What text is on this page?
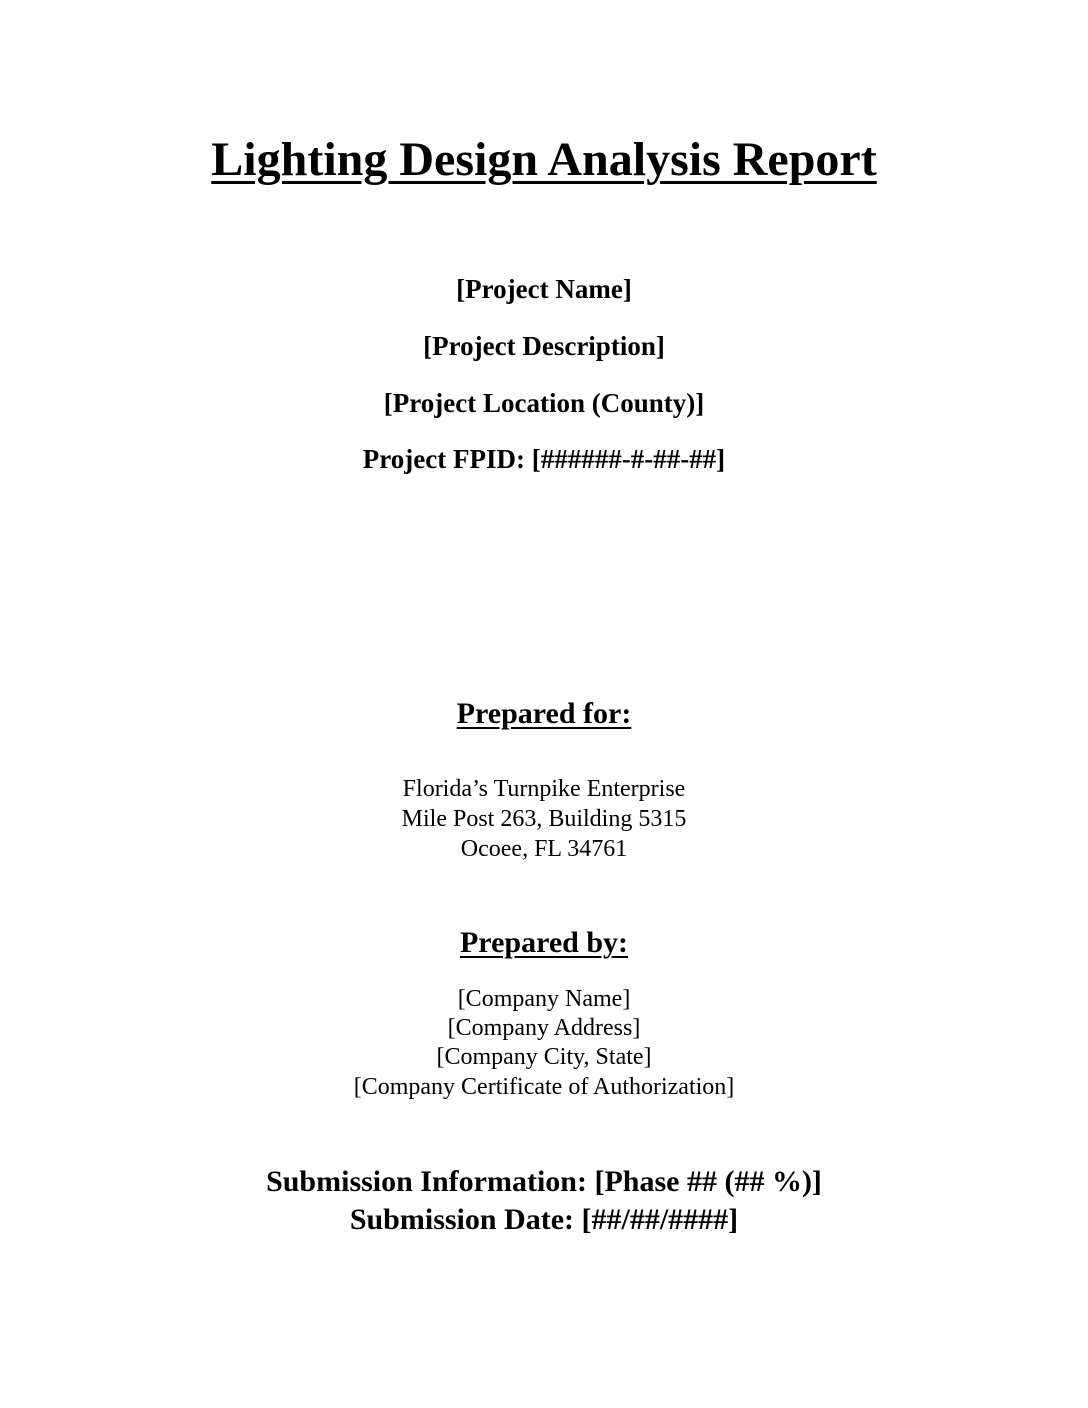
Lighting Design Analysis Report
[Project Name]
[Project Description]
[Project Location (County)]
Project FPID: [######-#-##-##]
Prepared for:
Florida’s Turnpike Enterprise
Mile Post 263, Building 5315
Ocoee, FL 34761
Prepared by:
[Company Name]
[Company Address]
[Company City, State]
[Company Certificate of Authorization]
Submission Information: [Phase ## (## %)]
Submission Date: [##/##/####]
